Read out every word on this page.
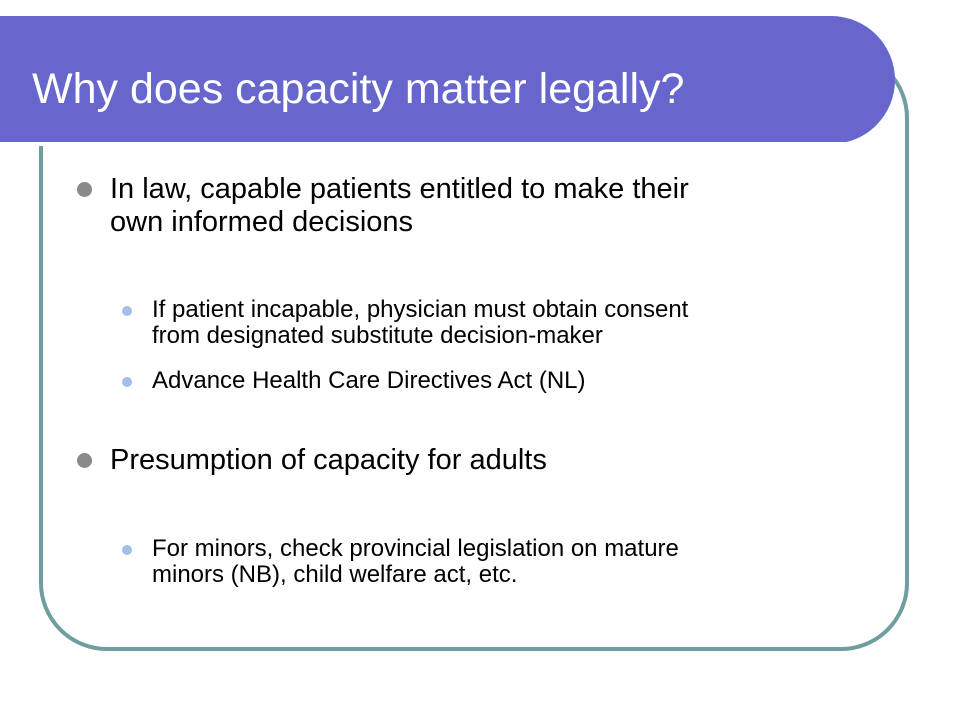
Why does capacity matter legally?
In law, capable patients entitled to make their
own informed decisions
If patient incapable, physician must obtain consent
from designated substitute decision-maker
Advance Health Care Directives Act (NL)
Presumption of capacity for adults
For minors, check provincial legislation on mature
minors (NB), child welfare act, etc.
